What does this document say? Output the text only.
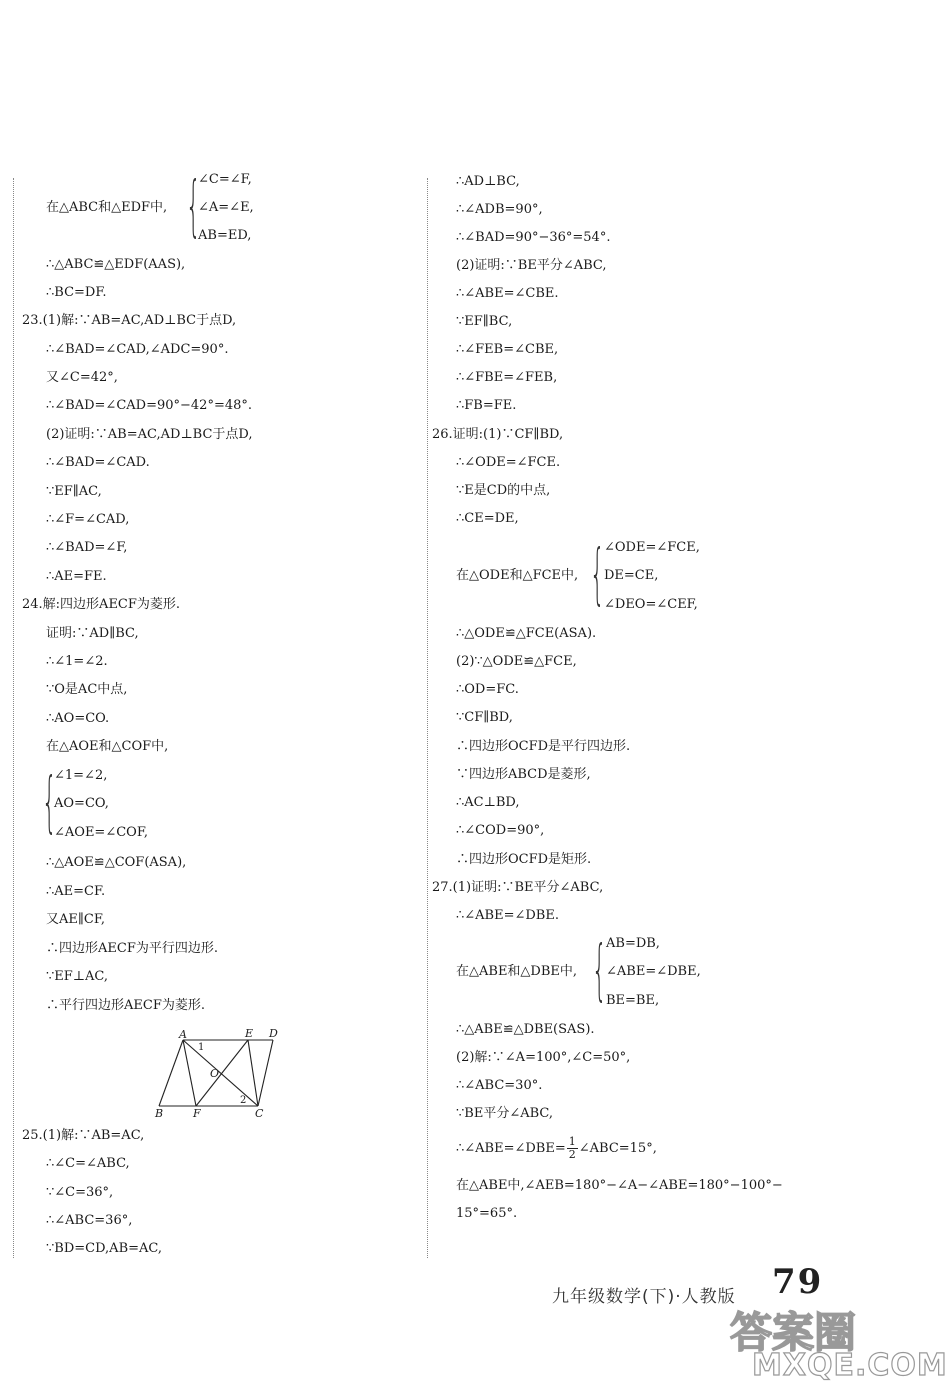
在△ABC和△EDF中, {
∠C=∠F,
∠A=∠E,
AB=ED,
∴△ABC≌△EDF(AAS),
∴BC=DF.
23.(1)解:∵AB=AC,AD⊥BC于点D,
∴∠BAD=∠CAD,∠ADC=90°.
又∠C=42°,
∴∠BAD=∠CAD=90°−42°=48°.
(2)证明:∵AB=AC,AD⊥BC于点D,
∴∠BAD=∠CAD.
∵EF∥AC,
∴∠F=∠CAD,
∴∠BAD=∠F,
∴AE=FE.
24.解:四边形AECF为菱形.
证明:∵AD∥BC,
∴∠1=∠2.
∵O是AC中点,
∴AO=CO.
在△AOE和△COF中,
{
∠1=∠2,
AO=CO,
∠AOE=∠COF,
∴△AOE≌△COF(ASA),
∴AE=CF.
又AE∥CF,
∴四边形AECF为平行四边形.
∵EF⊥AC,
∴平行四边形AECF为菱形.
25.(1)解:∵AB=AC,
∴∠C=∠ABC,
∵∠C=36°,
∴∠ABC=36°,
∵BD=CD,AB=AC,
A	E D
B	F	C
O
1
2
∴AD⊥BC,
∴∠ADB=90°,
∴∠BAD=90°−36°=54°.
(2)证明:∵BE平分∠ABC,
∴∠ABE=∠CBE.
∵EF∥BC,
∴∠FEB=∠CBE,
∴∠FBE=∠FEB,
∴FB=FE.
26.证明:(1)∵CF∥BD,
∴∠ODE=∠FCE.
∵E是CD的中点,
∴CE=DE,
在△ODE和△FCE中, { ∠ODE=∠FCE,
DE=CE,
∠DEO=∠CEF,
∴△ODE≌△FCE(ASA).
(2)∵△ODE≌△FCE,
∴OD=FC.
∵CF∥BD,
∴四边形OCFD是平行四边形.
∵四边形ABCD是菱形,
∴AC⊥BD,
∴∠COD=90°,
∴四边形OCFD是矩形.
27.(1)证明:∵BE平分∠ABC,
∴∠ABE=∠DBE.
在△ABE和△DBE中, { AB=DB,
∠ABE=∠DBE,
BE=BE,
∴△ABE≌△DBE(SAS).
(2)解:∵∠A=100°,∠C=50°,
∴∠ABC=30°.
∵BE平分∠ABC,
∴∠ABE=∠DBE= $\frac{1}{2}$ ∠ABC=15°,
在△ABE中,∠AEB=180°−∠A−∠ABE=180°−100°−
15°=65°.
九年级数学(下)·人教版 79
答案圈
MXQE.COM
